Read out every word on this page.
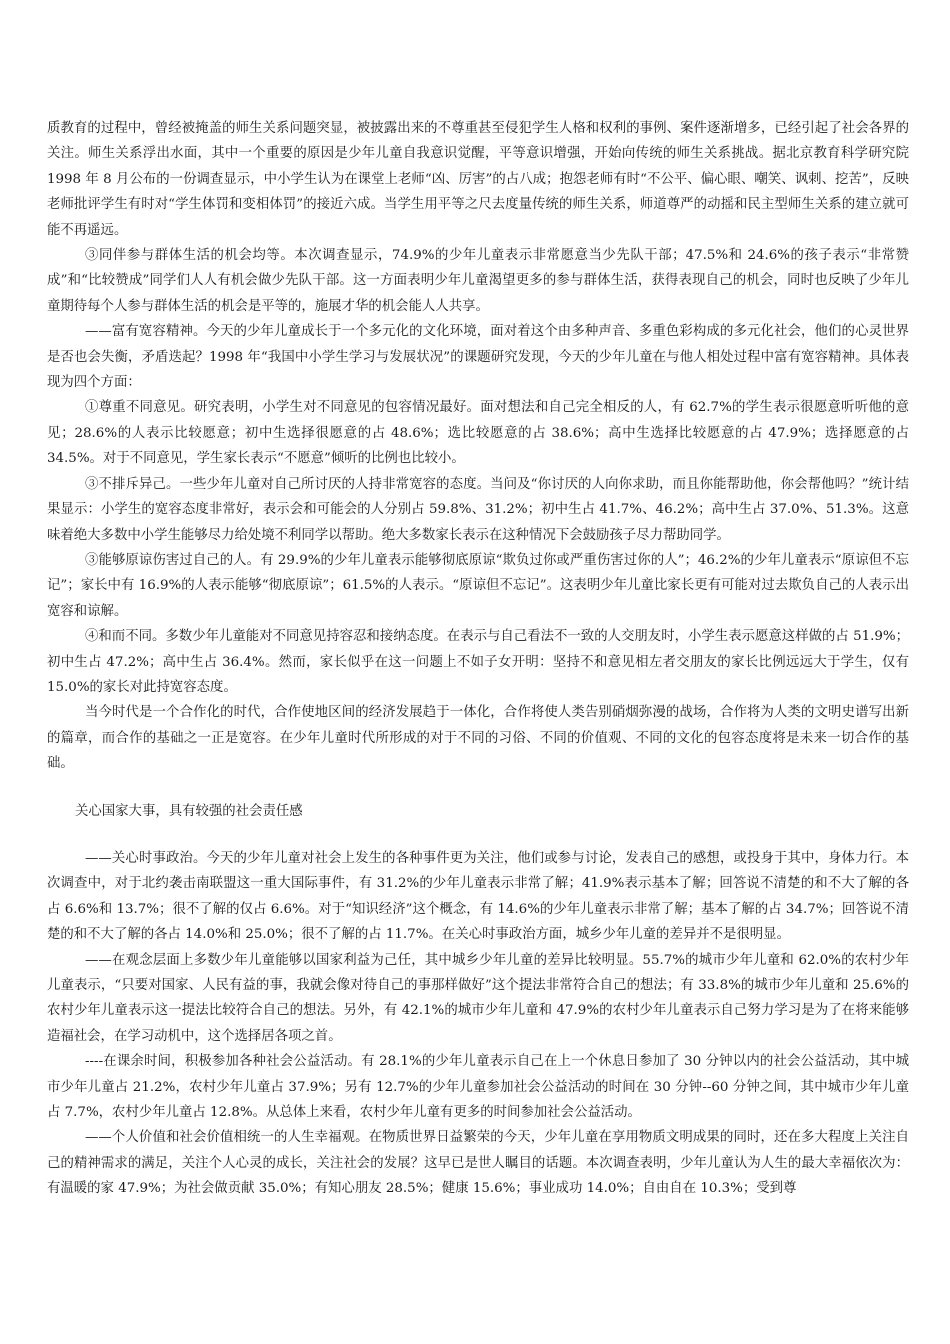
质教育的过程中，曾经被掩盖的师生关系问题突显，被披露出来的不尊重甚至侵犯学生人格和权利的事例、案件逐渐增多，已经引起了社会各界的关注。师生关系浮出水面，其中一个重要的原因是少年儿童自我意识觉醒，平等意识增强，开始向传统的师生关系挑战。据北京教育科学研究院 1998 年 8 月公布的一份调查显示，中小学生认为在课堂上老师“凶、厉害”的占八成；抱怨老师有时“不公平、偏心眼、嘲笑、讽刺、挖苦”，反映老师批评学生有时对“学生体罚和变相体罚”的接近六成。当学生用平等之尺去度量传统的师生关系，师道尊严的动摇和民主型师生关系的建立就可能不再遥远。

③同伴参与群体生活的机会均等。本次调查显示，74.9%的少年儿童表示非常愿意当少先队干部；47.5%和 24.6%的孩子表示“非常赞成”和“比较赞成”同学们人人有机会做少先队干部。这一方面表明少年儿童渴望更多的参与群体生活，获得表现自己的机会，同时也反映了少年儿童期待每个人参与群体生活的机会是平等的，施展才华的机会能人人共享。

——富有宽容精神。今天的少年儿童成长于一个多元化的文化环境，面对着这个由多种声音、多重色彩构成的多元化社会，他们的心灵世界是否也会失衡，矛盾迭起？1998 年“我国中小学生学习与发展状况”的课题研究发现，今天的少年儿童在与他人相处过程中富有宽容精神。具体表现为四个方面：

①尊重不同意见。研究表明，小学生对不同意见的包容情况最好。面对想法和自己完全相反的人，有 62.7%的学生表示很愿意听听他的意见；28.6%的人表示比较愿意；初中生选择很愿意的占 48.6%；选比较愿意的占 38.6%；高中生选择比较愿意的占 47.9%；选择愿意的占 34.5%。对于不同意见，学生家长表示“不愿意”倾听的比例也比较小。

③不排斥异己。一些少年儿童对自己所讨厌的人持非常宽容的态度。当问及“你讨厌的人向你求助，而且你能帮助他，你会帮他吗？”统计结果显示：小学生的宽容态度非常好，表示会和可能会的人分别占 59.8%、31.2%；初中生占 41.7%、46.2%；高中生占 37.0%、51.3%。这意味着绝大多数中小学生能够尽力给处境不利同学以帮助。绝大多数家长表示在这种情况下会鼓励孩子尽力帮助同学。

③能够原谅伤害过自己的人。有 29.9%的少年儿童表示能够彻底原谅“欺负过你或严重伤害过你的人”；46.2%的少年儿童表示“原谅但不忘记”；家长中有 16.9%的人表示能够“彻底原谅”；61.5%的人表示。“原谅但不忘记”。这表明少年儿童比家长更有可能对过去欺负自己的人表示出宽容和谅解。

④和而不同。多数少年儿童能对不同意见持容忍和接纳态度。在表示与自己看法不一致的人交朋友时，小学生表示愿意这样做的占 51.9%；初中生占 47.2%；高中生占 36.4%。然而，家长似乎在这一问题上不如子女开明：坚持不和意见相左者交朋友的家长比例远远大于学生，仅有 15.0%的家长对此持宽容态度。

当今时代是一个合作化的时代，合作使地区间的经济发展趋于一体化，合作将使人类告别硝烟弥漫的战场，合作将为人类的文明史谱写出新的篇章，而合作的基础之一正是宽容。在少年儿童时代所形成的对于不同的习俗、不同的价值观、不同的文化的包容态度将是未来一切合作的基础。

关心国家大事，具有较强的社会责任感

——关心时事政治。今天的少年儿童对社会上发生的各种事件更为关注，他们或参与讨论，发表自己的感想，或投身于其中，身体力行。本次调查中，对于北约袭击南联盟这一重大国际事件，有 31.2%的少年儿童表示非常了解；41.9%表示基本了解；回答说不清楚的和不大了解的各占 6.6%和 13.7%；很不了解的仅占 6.6%。对于“知识经济”这个概念，有 14.6%的少年儿童表示非常了解；基本了解的占 34.7%；回答说不清楚的和不大了解的各占 14.0%和 25.0%；很不了解的占 11.7%。在关心时事政治方面，城乡少年儿童的差异并不是很明显。

——在观念层面上多数少年儿童能够以国家利益为己任，其中城乡少年儿童的差异比较明显。55.7%的城市少年儿童和 62.0%的农村少年儿童表示，“只要对国家、人民有益的事，我就会像对待自己的事那样做好”这个提法非常符合自己的想法；有 33.8%的城市少年儿童和 25.6%的农村少年儿童表示这一提法比较符合自己的想法。另外，有 42.1%的城市少年儿童和 47.9%的农村少年儿童表示自己努力学习是为了在将来能够造福社会，在学习动机中，这个选择居各项之首。

----在课余时间，积极参加各种社会公益活动。有 28.1%的少年儿童表示自己在上一个休息日参加了 30 分钟以内的社会公益活动，其中城市少年儿童占 21.2%，农村少年儿童占 37.9%；另有 12.7%的少年儿童参加社会公益活动的时间在 30 分钟--60 分钟之间，其中城市少年儿童占 7.7%，农村少年儿童占 12.8%。从总体上来看，农村少年儿童有更多的时间参加社会公益活动。

——个人价值和社会价值相统一的人生幸福观。在物质世界日益繁荣的今天，少年儿童在享用物质文明成果的同时，还在多大程度上关注自己的精神需求的满足，关注个人心灵的成长，关注社会的发展？这早已是世人瞩目的话题。本次调查表明，少年儿童认为人生的最大幸福依次为：有温暖的家 47.9%；为社会做贡献 35.0%；有知心朋友 28.5%；健康 15.6%；事业成功 14.0%；自由自在 10.3%；受到尊
